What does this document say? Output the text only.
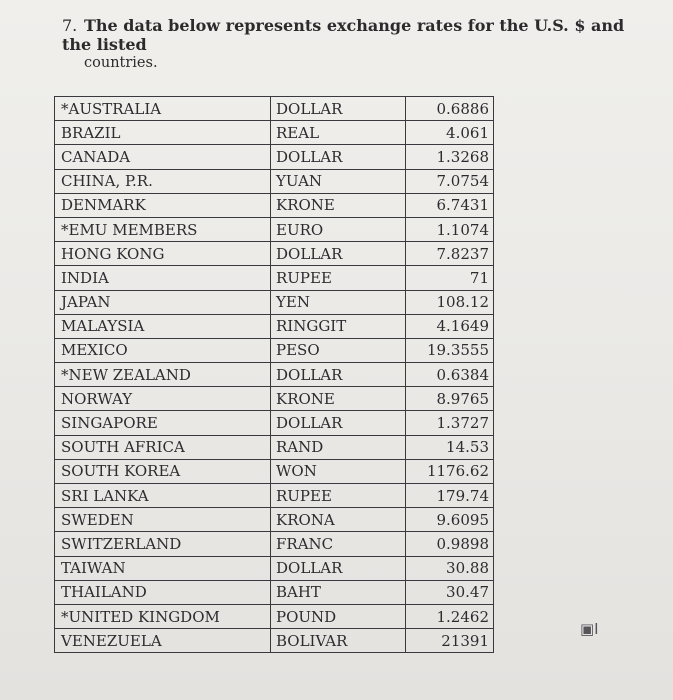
7. The data below represents exchange rates for the U.S. $ and the listed
countries.
*AUSTRALIA	DOLLAR	0.6886
BRAZIL	REAL	4.061
CANADA	DOLLAR	1.3268
CHINA, P.R.	YUAN	7.0754
DENMARK	KRONE	6.7431
*EMU MEMBERS	EURO	1.1074
HONG KONG	DOLLAR	7.8237
INDIA	RUPEE	71
JAPAN	YEN	108.12
MALAYSIA	RINGGIT	4.1649
MEXICO	PESO	19.3555
*NEW ZEALAND	DOLLAR	0.6384
NORWAY	KRONE	8.9765
SINGAPORE	DOLLAR	1.3727
SOUTH AFRICA	RAND	14.53
SOUTH KOREA	WON	1176.62
SRI LANKA	RUPEE	179.74
SWEDEN	KRONA	9.6095
SWITZERLAND	FRANC	0.9898
TAIWAN	DOLLAR	30.88
THAILAND	BAHT	30.47
*UNITED KINGDOM	POUND	1.2462
VENEZUELA	BOLIVAR	21391
▣I
